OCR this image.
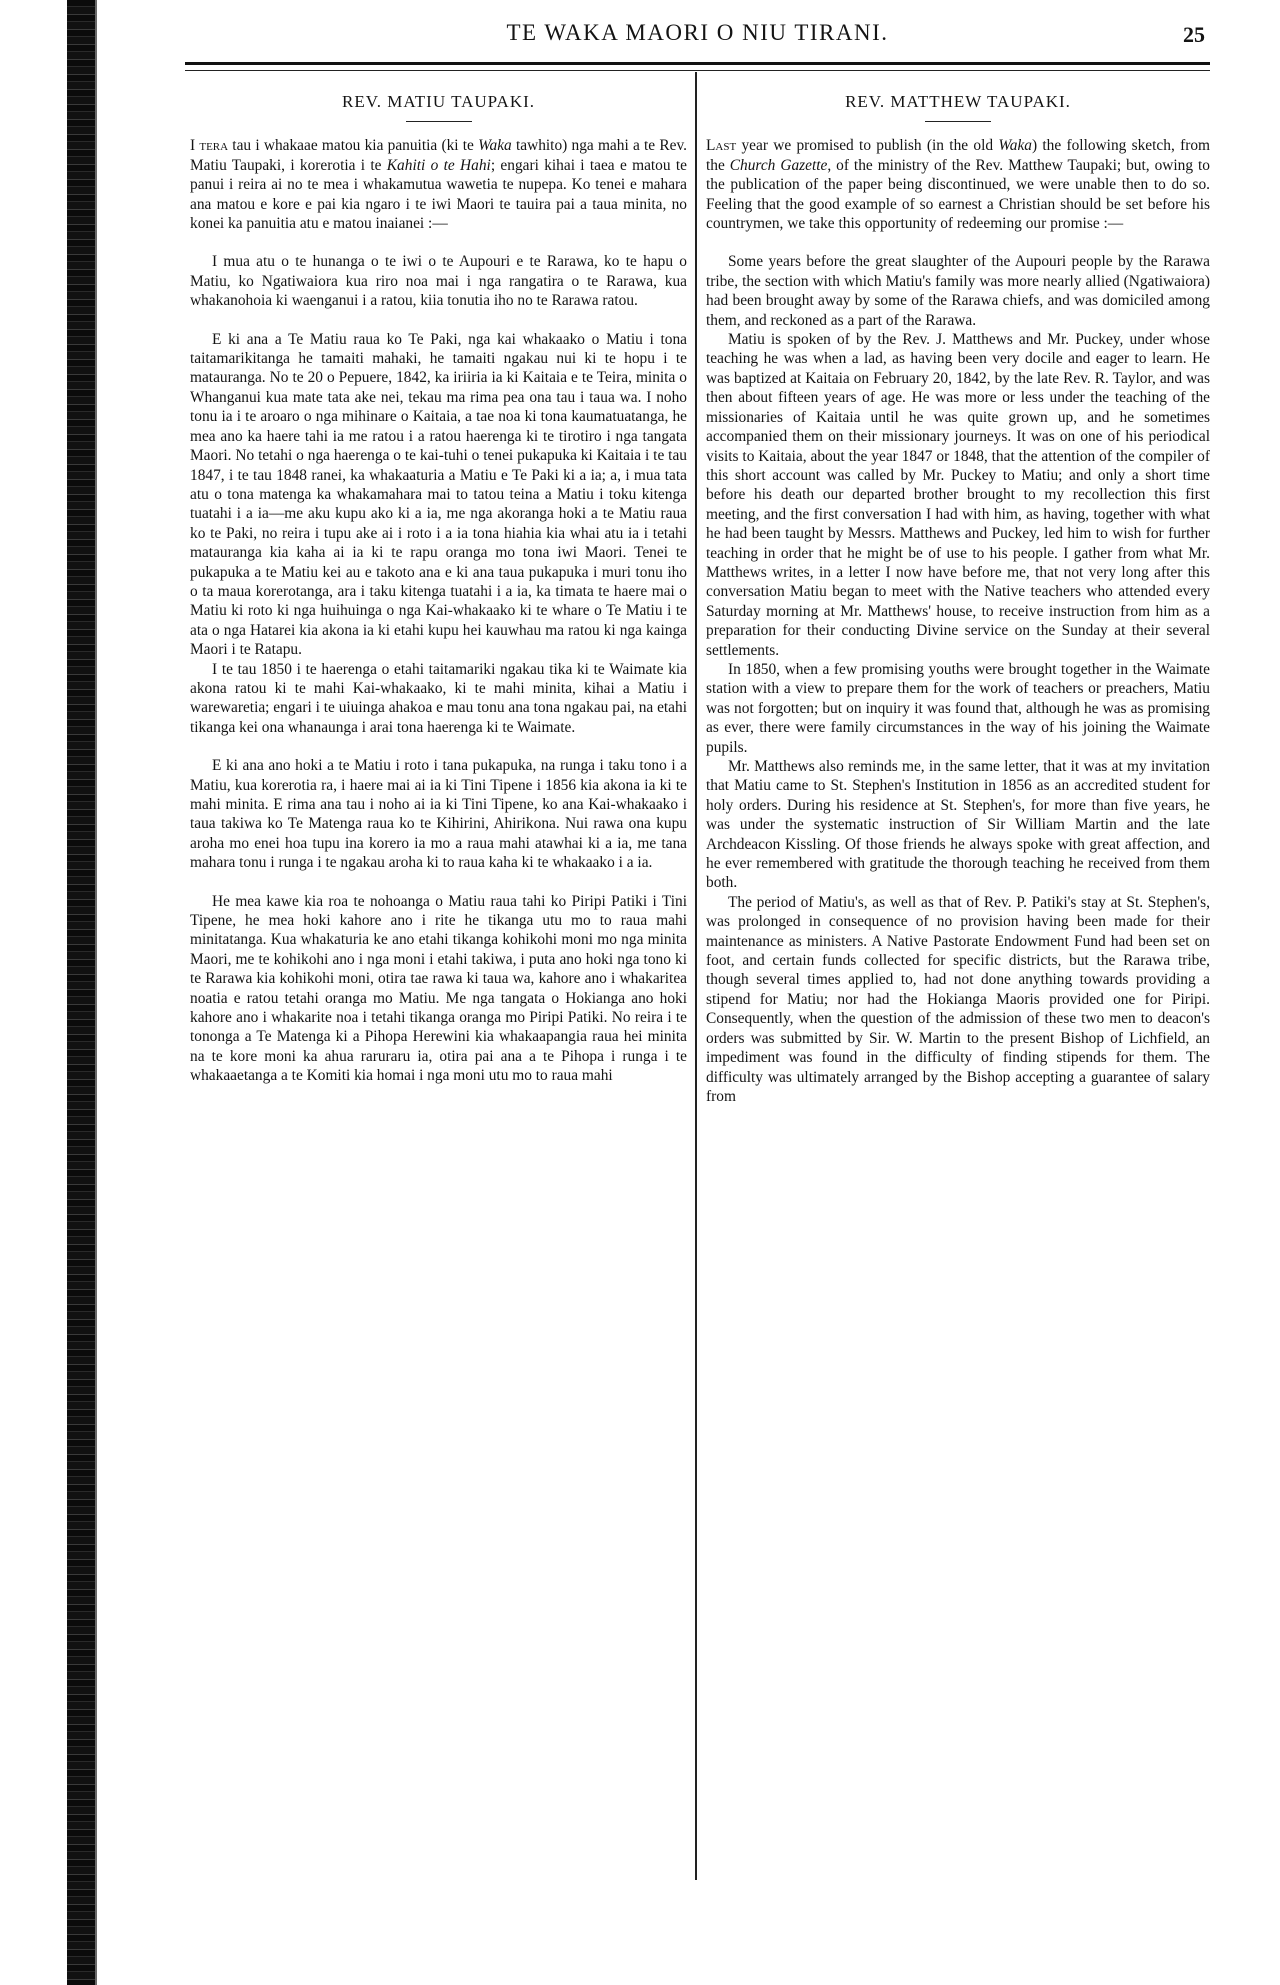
TE WAKA MAORI O NIU TIRANI.	25
REV. MATIU TAUPAKI.

I tera tau i whakaae matou kia panuitia (ki te Waka tawhito) nga mahi a te Rev. Matiu Taupaki, i korerotia i te Kahiti o te Hahi; engari kihai i taea e matou te panui i reira ai no te mea i whakamutua wawetia te nupepa. Ko tenei e mahara ana matou e kore e pai kia ngaro i te iwi Maori te tauira pai a taua minita, no konei ka panuitia atu e matou inaianei :—

I mua atu o te hunanga o te iwi o te Aupouri e te Rarawa, ko te hapu o Matiu, ko Ngatiwaiora kua riro noa mai i nga rangatira o te Rarawa, kua whakanohoia ki waenganui i a ratou, kiia tonutia iho no te Rarawa ratou.

E ki ana a Te Matiu raua ko Te Paki, nga kai whakaako o Matiu i tona taitamarikitanga he tamaiti mahaki, he tamaiti ngakau nui ki te hopu i te matauranga. No te 20 o Pepuere, 1842, ka iriiria ia ki Kaitaia e te Teira, minita o Whanganui kua mate tata ake nei, tekau ma rima pea ona tau i taua wa. I noho tonu ia i te aroaro o nga mihinare o Kaitaia, a tae noa ki tona kaumatuatanga, he mea ano ka haere tahi ia me ratou i a ratou haerenga ki te tirotiro i nga tangata Maori. No tetahi o nga haerenga o te kai-tuhi o tenei pukapuka ki Kaitaia i te tau 1847, i te tau 1848 ranei, ka whakaaturia a Matiu e Te Paki ki a ia; a, i mua tata atu o tona matenga ka whakamahara mai to tatou teina a Matiu i toku kitenga tuatahi i a ia—me aku kupu ako ki a ia, me nga akoranga hoki a te Matiu raua ko te Paki, no reira i tupu ake ai i roto i a ia tona hiahia kia whai atu ia i tetahi matauranga kia kaha ai ia ki te rapu oranga mo tona iwi Maori. Tenei te pukapuka a te Matiu kei au e takoto ana e ki ana taua pukapuka i muri tonu iho o ta maua korerotanga, ara i taku kitenga tuatahi i a ia, ka timata te haere mai o Matiu ki roto ki nga huihuinga o nga Kai-whakaako ki te whare o Te Matiu i te ata o nga Hatarei kia akona ia ki etahi kupu hei kauwhau ma ratou ki nga kainga Maori i te Ratapu.

I te tau 1850 i te haerenga o etahi taitamariki ngakau tika ki te Waimate kia akona ratou ki te mahi Kai-whakaako, ki te mahi minita, kihai a Matiu i warewaretia; engari i te uiuinga ahakoa e mau tonu ana tona ngakau pai, na etahi tikanga kei ona whanaunga i arai tona haerenga ki te Waimate.

E ki ana ano hoki a te Matiu i roto i tana pukapuka, na runga i taku tono i a Matiu, kua korerotia ra, i haere mai ai ia ki Tini Tipene i 1856 kia akona ia ki te mahi minita. E rima ana tau i noho ai ia ki Tini Tipene, ko ana Kai-whakaako i taua takiwa ko Te Matenga raua ko te Kihirini, Ahirikona. Nui rawa ona kupu aroha mo enei hoa tupu ina korero ia mo a raua mahi atawhai ki a ia, me tana mahara tonu i runga i te ngakau aroha ki to raua kaha ki te whakaako i a ia.

He mea kawe kia roa te nohoanga o Matiu raua tahi ko Piripi Patiki i Tini Tipene, he mea hoki kahore ano i rite he tikanga utu mo to raua mahi minitatanga. Kua whakaturia ke ano etahi tikanga kohikohi moni mo nga minita Maori, me te kohikohi ano i nga moni i etahi takiwa, i puta ano hoki nga tono ki te Rarawa kia kohikohi moni, otira tae rawa ki taua wa, kahore ano i whakaritea noatia e ratou tetahi oranga mo Matiu. Me nga tangata o Hokianga ano hoki kahore ano i whakarite noa i tetahi tikanga oranga mo Piripi Patiki. No reira i te tononga a Te Matenga ki a Pihopa Herewini kia whakaapangia raua hei minita na te kore moni ka ahua raruraru ia, otira pai ana a te Pihopa i runga i te whakaaetanga a te Komiti kia homai i nga moni utu mo to raua mahi

REV. MATTHEW TAUPAKI.

Last year we promised to publish (in the old Waka) the following sketch, from the Church Gazette, of the ministry of the Rev. Matthew Taupaki; but, owing to the publication of the paper being discontinued, we were unable then to do so. Feeling that the good example of so earnest a Christian should be set before his countrymen, we take this opportunity of redeeming our promise :—

Some years before the great slaughter of the Aupouri people by the Rarawa tribe, the section with which Matiu's family was more nearly allied (Ngatiwaiora) had been brought away by some of the Rarawa chiefs, and was domiciled among them, and reckoned as a part of the Rarawa.

Matiu is spoken of by the Rev. J. Matthews and Mr. Puckey, under whose teaching he was when a lad, as having been very docile and eager to learn. He was baptized at Kaitaia on February 20, 1842, by the late Rev. R. Taylor, and was then about fifteen years of age. He was more or less under the teaching of the missionaries of Kaitaia until he was quite grown up, and he sometimes accompanied them on their missionary journeys. It was on one of his periodical visits to Kaitaia, about the year 1847 or 1848, that the attention of the compiler of this short account was called by Mr. Puckey to Matiu; and only a short time before his death our departed brother brought to my recollection this first meeting, and the first conversation I had with him, as having, together with what he had been taught by Messrs. Matthews and Puckey, led him to wish for further teaching in order that he might be of use to his people. I gather from what Mr. Matthews writes, in a letter I now have before me, that not very long after this conversation Matiu began to meet with the Native teachers who attended every Saturday morning at Mr. Matthews' house, to receive instruction from him as a preparation for their conducting Divine service on the Sunday at their several settlements.

In 1850, when a few promising youths were brought together in the Waimate station with a view to prepare them for the work of teachers or preachers, Matiu was not forgotten; but on inquiry it was found that, although he was as promising as ever, there were family circumstances in the way of his joining the Waimate pupils.

Mr. Matthews also reminds me, in the same letter, that it was at my invitation that Matiu came to St. Stephen's Institution in 1856 as an accredited student for holy orders. During his residence at St. Stephen's, for more than five years, he was under the systematic instruction of Sir William Martin and the late Archdeacon Kissling. Of those friends he always spoke with great affection, and he ever remembered with gratitude the thorough teaching he received from them both.

The period of Matiu's, as well as that of Rev. P. Patiki's stay at St. Stephen's, was prolonged in consequence of no provision having been made for their maintenance as ministers. A Native Pastorate Endowment Fund had been set on foot, and certain funds collected for specific districts, but the Rarawa tribe, though several times applied to, had not done anything towards providing a stipend for Matiu; nor had the Hokianga Maoris provided one for Piripi. Consequently, when the question of the admission of these two men to deacon's orders was submitted by Sir. W. Martin to the present Bishop of Lichfield, an impediment was found in the difficulty of finding stipends for them. The difficulty was ultimately arranged by the Bishop accepting a guarantee of salary from
